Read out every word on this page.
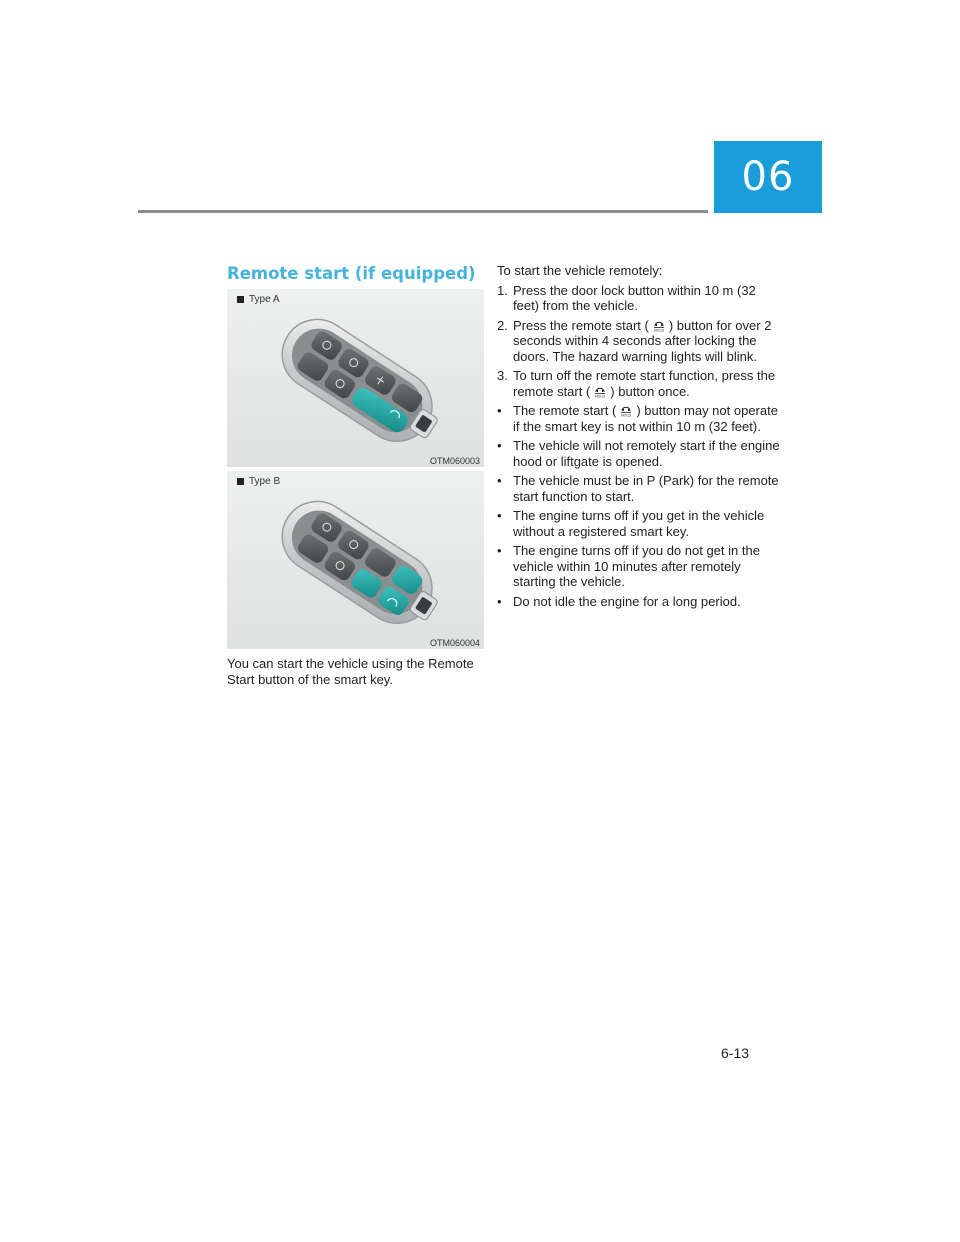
06
Remote start (if equipped)
Type A
OTM060003
Type B
OTM060004

You can start the vehicle using the Remote Start button of the smart key.

To start the vehicle remotely:

1. Press the door lock button within 10 m (32 feet) from the vehicle.
2. Press the remote start ( ) button for over 2 seconds within 4 seconds after locking the doors. The hazard warning lights will blink.
3. To turn off the remote start function, press the remote start ( ) button once.
• The remote start ( ) button may not operate if the smart key is not within 10 m (32 feet).
• The vehicle will not remotely start if the engine hood or liftgate is opened.
• The vehicle must be in P (Park) for the remote start function to start.
• The engine turns off if you get in the vehicle without a registered smart key.
• The engine turns off if you do not get in the vehicle within 10 minutes after remotely starting the vehicle.
• Do not idle the engine for a long period.
6-13
